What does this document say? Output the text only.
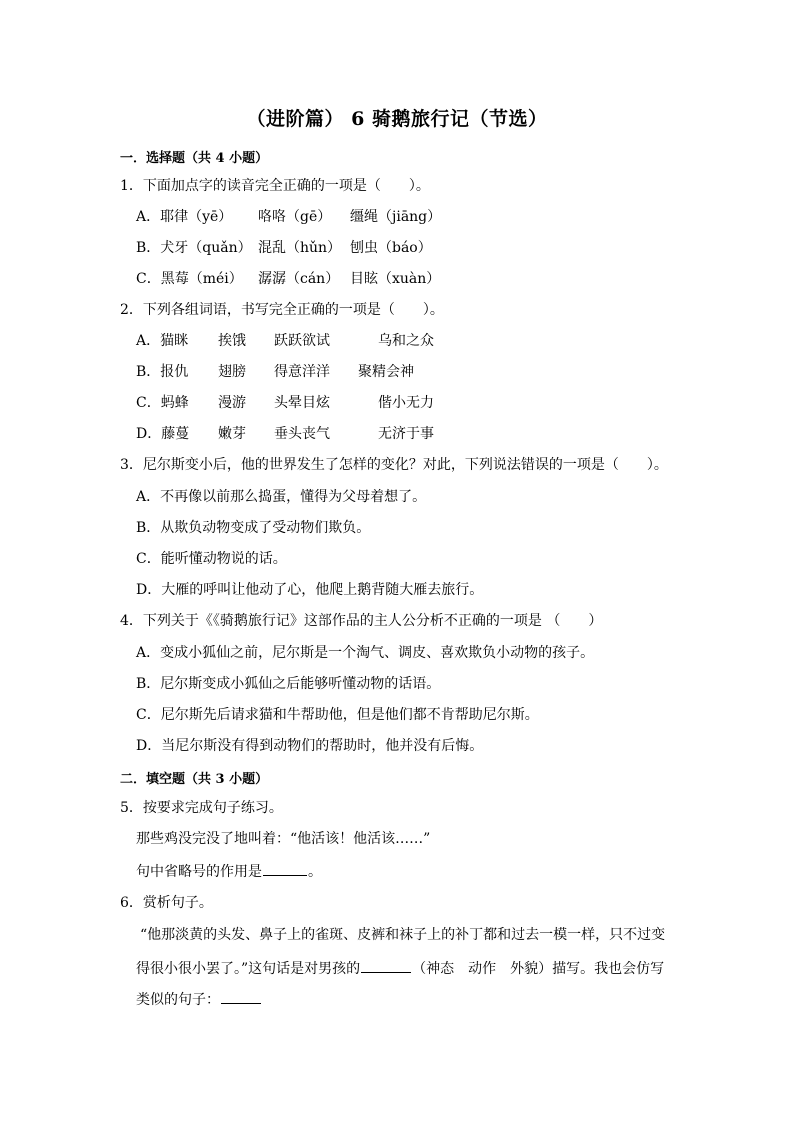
（进阶篇） 6 骑鹅旅行记（节选）
一．选择题（共 4 小题）
1．下面加点字的读音完全正确的一项是（　　）。
A．耶律（yē） 咯咯（gē） 缰绳（jiāng）
B．犬牙（quǎn） 混乱（hǔn） 刨虫（báo）
C．黑莓（méi） 潺潺（cán） 目眩（xuàn）
2．下列各组词语，书写完全正确的一项是（　　）。
A．猫眯 挨饿 跃跃欲试	乌和之众
B．报仇 翅膀 得意洋洋 聚精会神
C．蚂蜂 漫游 头晕目炫	偕小无力
D．藤蔓 嫩芽 垂头丧气	无济于事
3．尼尔斯变小后，他的世界发生了怎样的变化？对此，下列说法错误的一项是（　　）。
A．不再像以前那么捣蛋，懂得为父母着想了。
B．从欺负动物变成了受动物们欺负。
C．能听懂动物说的话。
D．大雁的呼叫让他动了心，他爬上鹅背随大雁去旅行。
4．下列关于《《骑鹅旅行记》这部作品的主人公分析不正确的一项是 （　　）
A．变成小狐仙之前，尼尔斯是一个淘气、调皮、喜欢欺负小动物的孩子。
B．尼尔斯变成小狐仙之后能够听懂动物的话语。
C．尼尔斯先后请求猫和牛帮助他，但是他们都不肯帮助尼尔斯。
D．当尼尔斯没有得到动物们的帮助时，他并没有后悔。
二．填空题（共 3 小题）
5．按要求完成句子练习。
那些鸡没完没了地叫着：“他活该！他活该……”
句中省略号的作用是	。
6．赏析句子。
“他那淡黄的头发、鼻子上的雀斑、皮裤和袜子上的补丁都和过去一模一样，只不过变
得很小很小罢了。”这句话是对男孩的	（神态　动作　外貌）描写。我也会仿写
类似的句子：
